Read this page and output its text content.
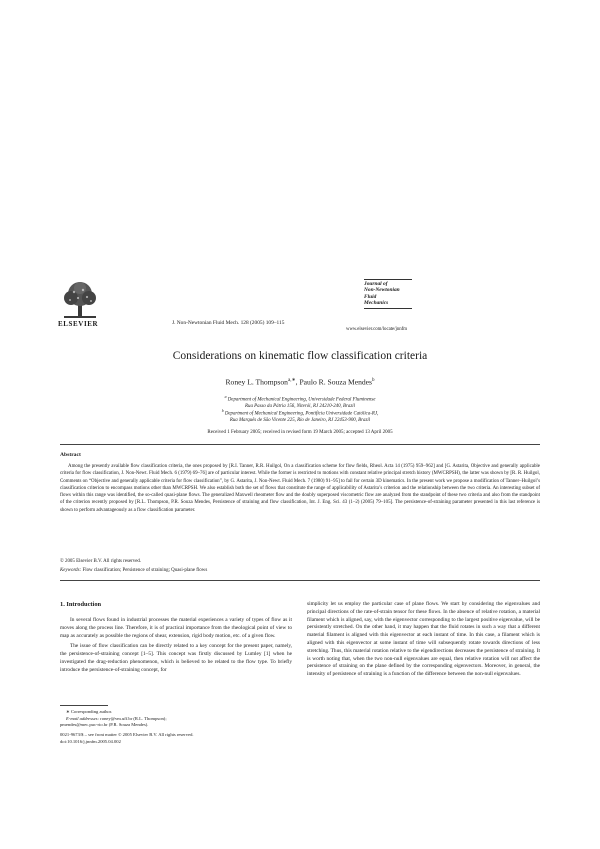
ELSEVIER	J. Non-Newtonian Fluid Mech. 128 (2005) 109–115
Journal of
Non-Newtonian
Fluid
Mechanics
www.elsevier.com/locate/jnnfm
Considerations on kinematic flow classification criteria
Roney L. Thompson$^{a,∗}$, Paulo R. Souza Mendes$^b$
$^a$ Department of Mechanical Engineering, Universidade Federal Fluminense
Rua Passo da Pátria 156, Niterói, RJ 24210-240, Brazil
$^b$ Department of Mechanical Engineering, Pontifícia Universidade Católica-RJ,
Rua Marquês de São Vicente 225, Rio de Janeiro, RJ 22453-900, Brazil
Received 1 February 2005; received in revised form 19 March 2005; accepted 13 April 2005
Abstract
Among the presently available flow classification criteria, the ones proposed by [R.I. Tanner, R.R. Huilgol, On a classification scheme for flow fields, Rheol. Acta 14 (1975) 959–962] and [G. Astarita, Objective and generally applicable criteria for flow classification, J. Non-Newt. Fluid Mech. 6 (1979) 69–76] are of particular interest. While the former is restricted to motions with constant relative principal stretch history (MWCRPSH), the latter was shown by [R. R. Huilgol, Comments on “Objective and generally applicable criteria for flow classification”, by G. Astarita, J. Non-Newt. Fluid Mech. 7 (1980) 91–95] to fail for certain 3D kinematics. In the present work we propose a modification of Tanner–Huilgol’s classification criterion to encompass motions other than MWCRPSH. We also establish both the set of flows that constitute the range of applicability of Astarita’s criterion and the relationship between the two criteria. An interesting subset of flows within this range was identified, the so-called quasi-plane flows. The generalized Maxwell rheometer flow and the doubly superposed viscometric flow are analyzed from the standpoint of these two criteria and also from the standpoint of the criterion recently proposed by [R.L. Thompson, P.R. Souza Mendes, Persistence of straining and flow classification, Int. J. Eng. Sci. 43 (1–2) (2005) 79–105]. The persistence-of-straining parameter presented in this last reference is shown to perform advantageously as a flow classification parameter.
© 2005 Elsevier B.V. All rights reserved.
Keywords: Flow classification; Persistence of straining; Quasi-plane flows
1. Introduction

In several flows found in industrial processes the material experiences a variety of types of flow as it moves along the process line. Therefore, it is of practical importance from the rheological point of view to map as accurately as possible the regions of shear, extension, rigid body motion, etc. of a given flow.

The issue of flow classification can be directly related to a key concept for the present paper, namely, the persistence-of-straining concept [1–5]. This concept was firstly discussed by Lumley [1] when he investigated the drag-reduction phenomenon, which is believed to be related to the flow type. To briefly introduce the persistence-of-straining concept, for

simplicity let us employ the particular case of plane flows. We start by considering the eigenvalues and principal directions of the rate-of-strain tensor for these flows. In the absence of relative rotation, a material filament which is aligned, say, with the eigenvector corresponding to the largest positive eigenvalue, will be persistently stretched. On the other hand, it may happen that the fluid rotates in such a way that a different material filament is aligned with this eigenvector at each instant of time. In this case, a filament which is aligned with this eigenvector at some instant of time will subsequently rotate towards directions of less stretching. Thus, this material rotation relative to the eigendirections decreases the persistence of straining. It is worth noting that, when the two non-null eigenvalues are equal, then relative rotation will not affect the persistence of straining on the plane defined by the corresponding eigenvectors. Moreover, in general, the intensity of persistence of straining is a function of the difference between the non-null eigenvalues.

∗ Corresponding author.
E-mail addresses: roney@vm.uff.br (R.L. Thompson);
pmendes@mec.puc-rio.br (P.R. Souza Mendes).
0021-9673/$ – see front matter © 2005 Elsevier B.V. All rights reserved.
doi:10.1016/j.jnnfm.2005.04.002
